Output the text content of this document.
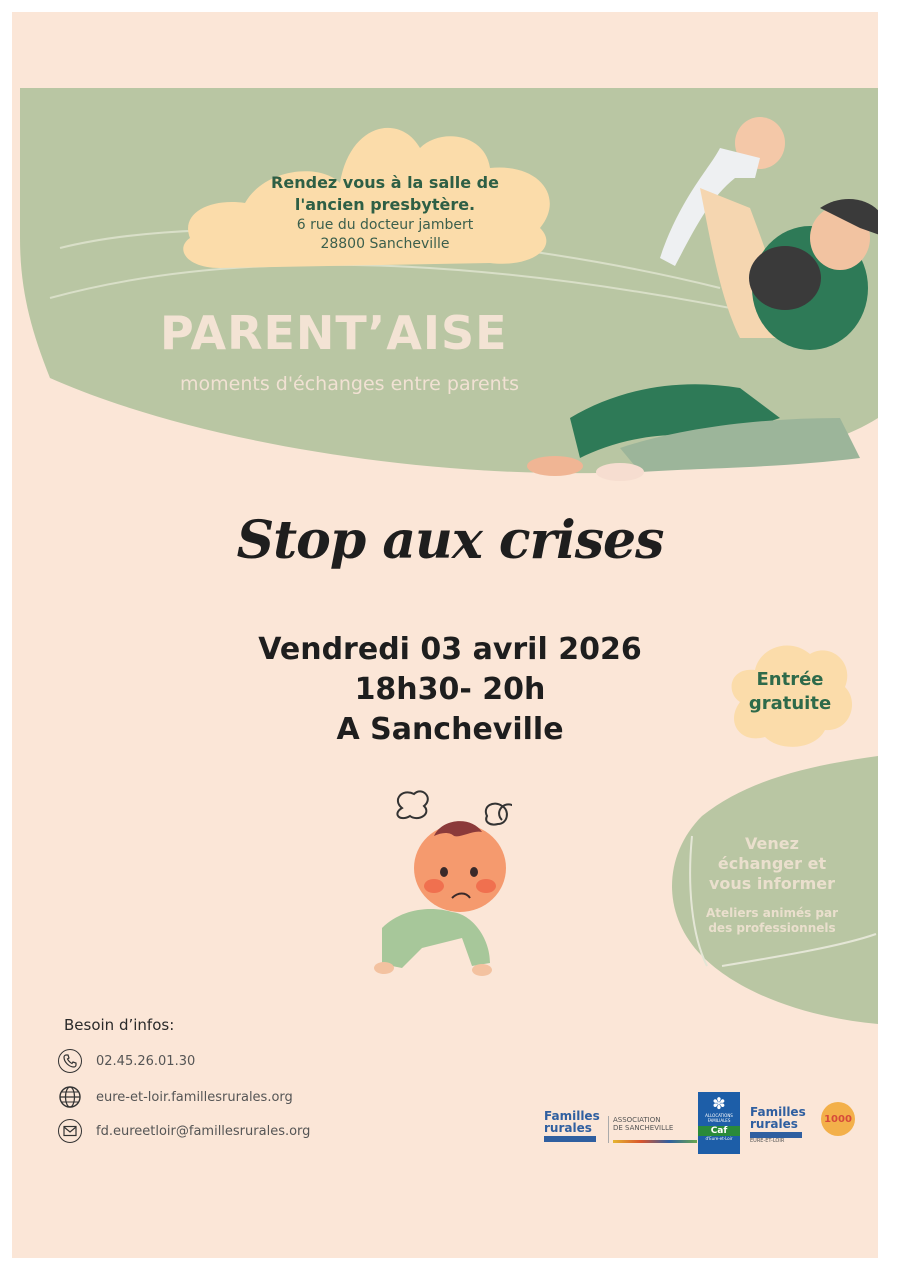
Rendez vous à la salle de
l'ancien presbytère.
6 rue du docteur jambert
28800 Sancheville
PARENT’AISE
moments d'échanges entre parents
Stop aux crises
Vendredi 03 avril 2026
18h30- 20h
A Sancheville
Entrée
gratuite
Venez
échanger et
vous informer
Ateliers animés par
des professionnels
Besoin d’infos:
02.45.26.01.30
eure-et-loir.famillesrurales.org
fd.eureetloir@famillesrurales.org
Familles
rurales
ASSOCIATION
DE SANCHEVILLE
✽
ALLOCATIONS
FAMILIALES
Caf
d'Eure-et-Loir
Familles
rurales
EURE-ET-LOIR
1000
